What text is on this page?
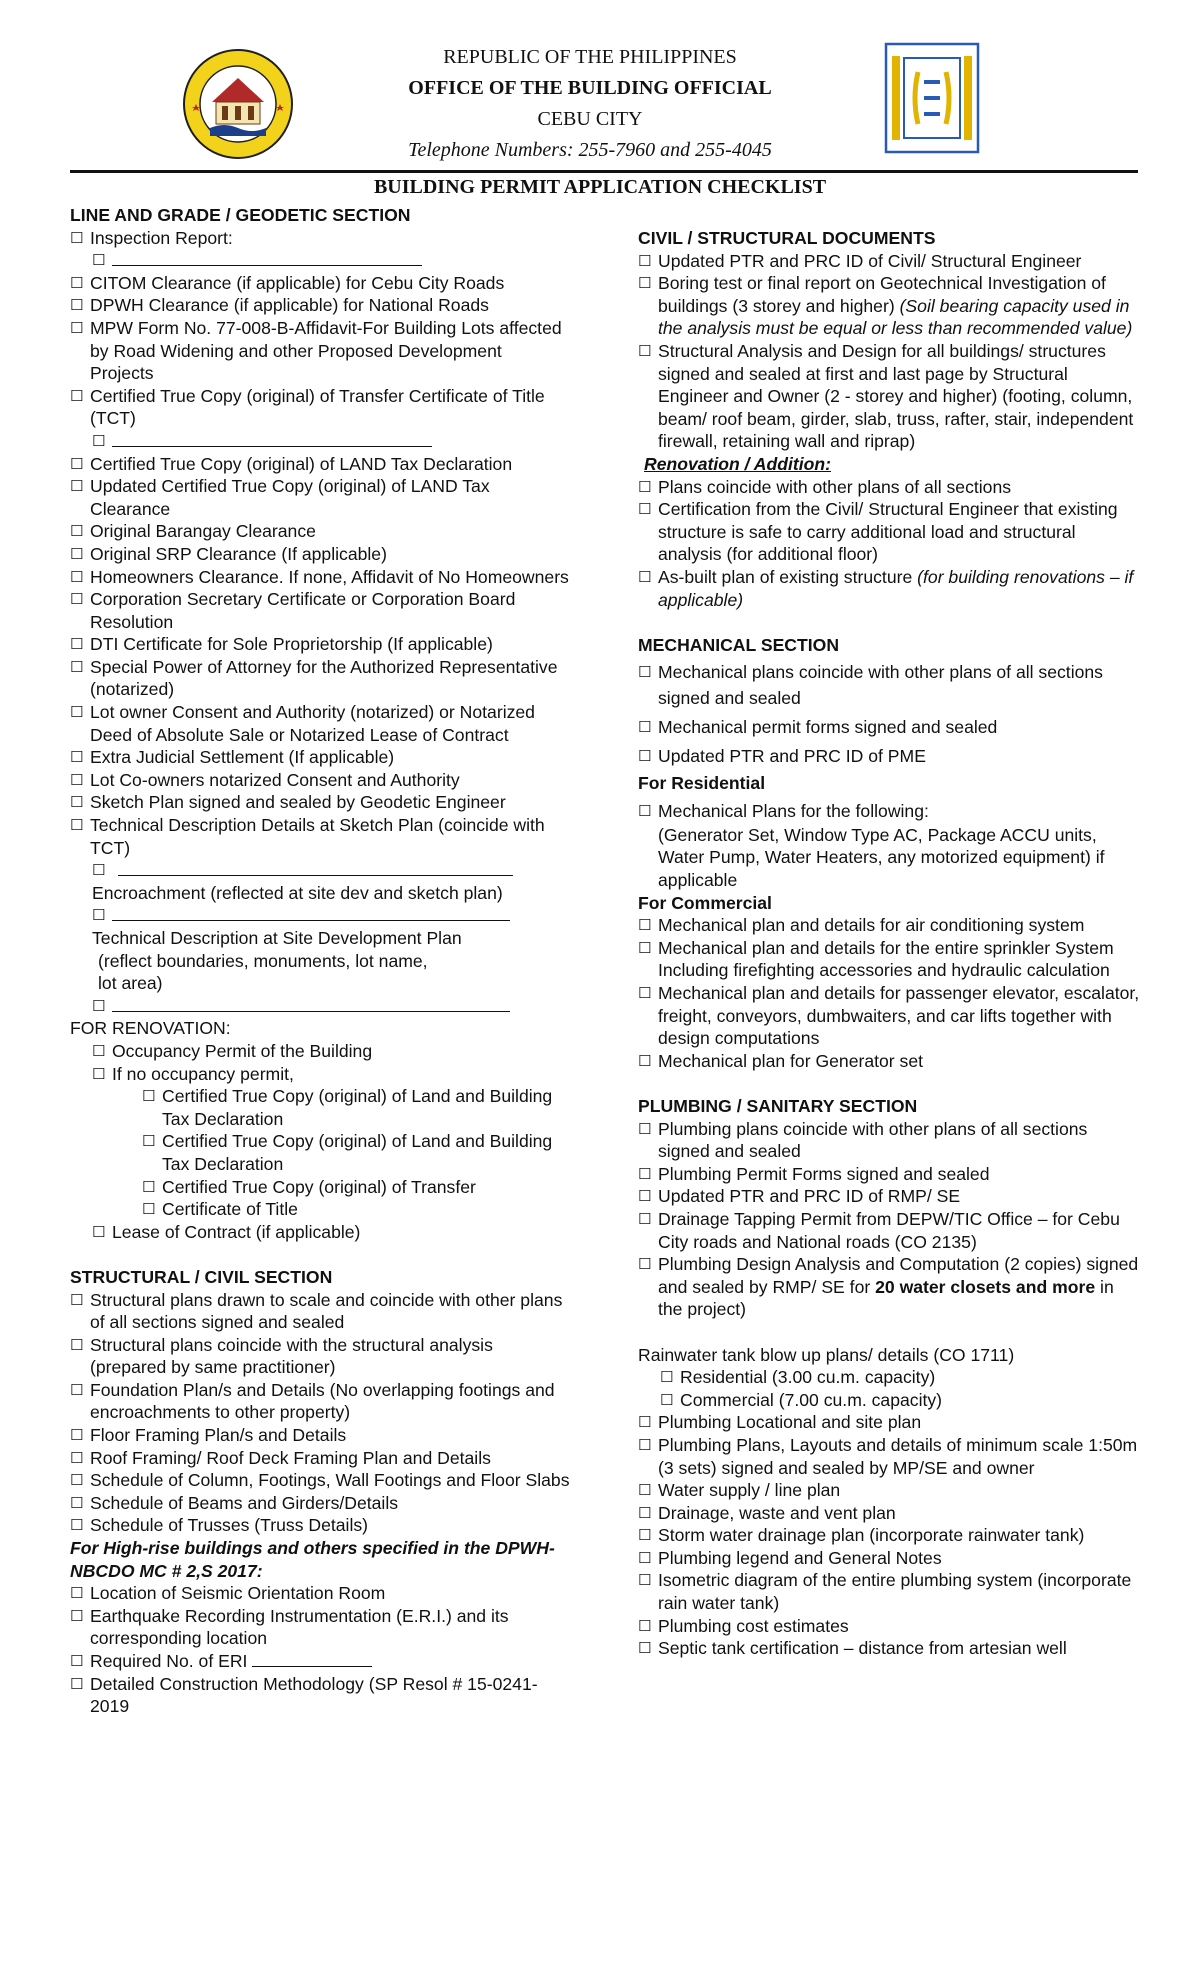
REPUBLIC OF THE PHILIPPINES
OFFICE OF THE BUILDING OFFICIAL
CEBU CITY
Telephone Numbers: 255-7960 and 255-4045
BUILDING PERMIT APPLICATION CHECKLIST
LINE AND GRADE / GEODETIC SECTION
☐ Inspection Report:
☐
☐ CITOM Clearance (if applicable) for Cebu City Roads
☐ DPWH Clearance (if applicable) for National Roads
☐ MPW Form No. 77-008-B-Affidavit-For Building Lots affected by Road Widening and other Proposed Development Projects
☐ Certified True Copy (original) of Transfer Certificate of Title (TCT)
☐
☐ Certified True Copy (original) of LAND Tax Declaration
☐ Updated Certified True Copy (original) of LAND Tax Clearance
☐ Original Barangay Clearance
☐ Original SRP Clearance (If applicable)
☐ Homeowners Clearance. If none, Affidavit of No Homeowners
☐ Corporation Secretary Certificate or Corporation Board Resolution
☐ DTI Certificate for Sole Proprietorship (If applicable)
☐ Special Power of Attorney for the Authorized Representative (notarized)
☐ Lot owner Consent and Authority (notarized) or Notarized Deed of Absolute Sale or Notarized Lease of Contract
☐ Extra Judicial Settlement (If applicable)
☐ Lot Co-owners notarized Consent and Authority
☐ Sketch Plan signed and sealed by Geodetic Engineer
☐ Technical Description Details at Sketch Plan (coincide with TCT)
☐
Encroachment (reflected at site dev and sketch plan)
☐
Technical Description at Site Development Plan
(reflect boundaries, monuments, lot name,
lot area)
☐
FOR RENOVATION:
☐ Occupancy Permit of the Building
☐ If no occupancy permit,
☐ Certified True Copy (original) of Land and Building Tax Declaration
☐ Certified True Copy (original) of Land and Building Tax Declaration
☐ Certified True Copy (original) of Transfer
☐ Certificate of Title
☐ Lease of Contract (if applicable)
STRUCTURAL / CIVIL SECTION
☐ Structural plans drawn to scale and coincide with other plans of all sections signed and sealed
☐ Structural plans coincide with the structural analysis (prepared by same practitioner)
☐ Foundation Plan/s and Details (No overlapping footings and encroachments to other property)
☐ Floor Framing Plan/s and Details
☐ Roof Framing/ Roof Deck Framing Plan and Details
☐ Schedule of Column, Footings, Wall Footings and Floor Slabs
☐ Schedule of Beams and Girders/Details
☐ Schedule of Trusses (Truss Details)
For High-rise buildings and others specified in the DPWH-NBCDO MC # 2,S 2017:
☐ Location of Seismic Orientation Room
☐ Earthquake Recording Instrumentation (E.R.I.) and its corresponding location
☐ Required No. of ERI
☐ Detailed Construction Methodology (SP Resol # 15-0241-2019
CIVIL / STRUCTURAL DOCUMENTS
☐ Updated PTR and PRC ID of Civil/ Structural Engineer
☐ Boring test or final report on Geotechnical Investigation of buildings (3 storey and higher) (Soil bearing capacity used in the analysis must be equal or less than recommended value)
☐ Structural Analysis and Design for all buildings/ structures signed and sealed at first and last page by Structural Engineer and Owner (2 - storey and higher) (footing, column, beam/ roof beam, girder, slab, truss, rafter, stair, independent firewall, retaining wall and riprap)
Renovation / Addition:
☐ Plans coincide with other plans of all sections
☐ Certification from the Civil/ Structural Engineer that existing structure is safe to carry additional load and structural analysis (for additional floor)
☐ As-built plan of existing structure (for building renovations – if applicable)
MECHANICAL SECTION
☐ Mechanical plans coincide with other plans of all sections signed and sealed
☐ Mechanical permit forms signed and sealed
☐ Updated PTR and PRC ID of PME
For Residential
☐ Mechanical Plans for the following:
(Generator Set, Window Type AC, Package ACCU units, Water Pump, Water Heaters, any motorized equipment) if applicable
For Commercial
☐ Mechanical plan and details for air conditioning system
☐ Mechanical plan and details for the entire sprinkler System Including firefighting accessories and hydraulic calculation
☐ Mechanical plan and details for passenger elevator, escalator, freight, conveyors, dumbwaiters, and car lifts together with design computations
☐ Mechanical plan for Generator set
PLUMBING / SANITARY SECTION
☐ Plumbing plans coincide with other plans of all sections signed and sealed
☐ Plumbing Permit Forms signed and sealed
☐ Updated PTR and PRC ID of RMP/ SE
☐ Drainage Tapping Permit from DEPW/TIC Office – for Cebu City roads and National roads (CO 2135)
☐ Plumbing Design Analysis and Computation (2 copies) signed and sealed by RMP/ SE for 20 water closets and more in the project)
Rainwater tank blow up plans/ details (CO 1711)
☐ Residential (3.00 cu.m. capacity)
☐ Commercial (7.00 cu.m. capacity)
☐ Plumbing Locational and site plan
☐ Plumbing Plans, Layouts and details of minimum scale 1:50m (3 sets) signed and sealed by MP/SE and owner
☐ Water supply / line plan
☐ Drainage, waste and vent plan
☐ Storm water drainage plan (incorporate rainwater tank)
☐ Plumbing legend and General Notes
☐ Isometric diagram of the entire plumbing system (incorporate rain water tank)
☐ Plumbing cost estimates
☐ Septic tank certification – distance from artesian well
